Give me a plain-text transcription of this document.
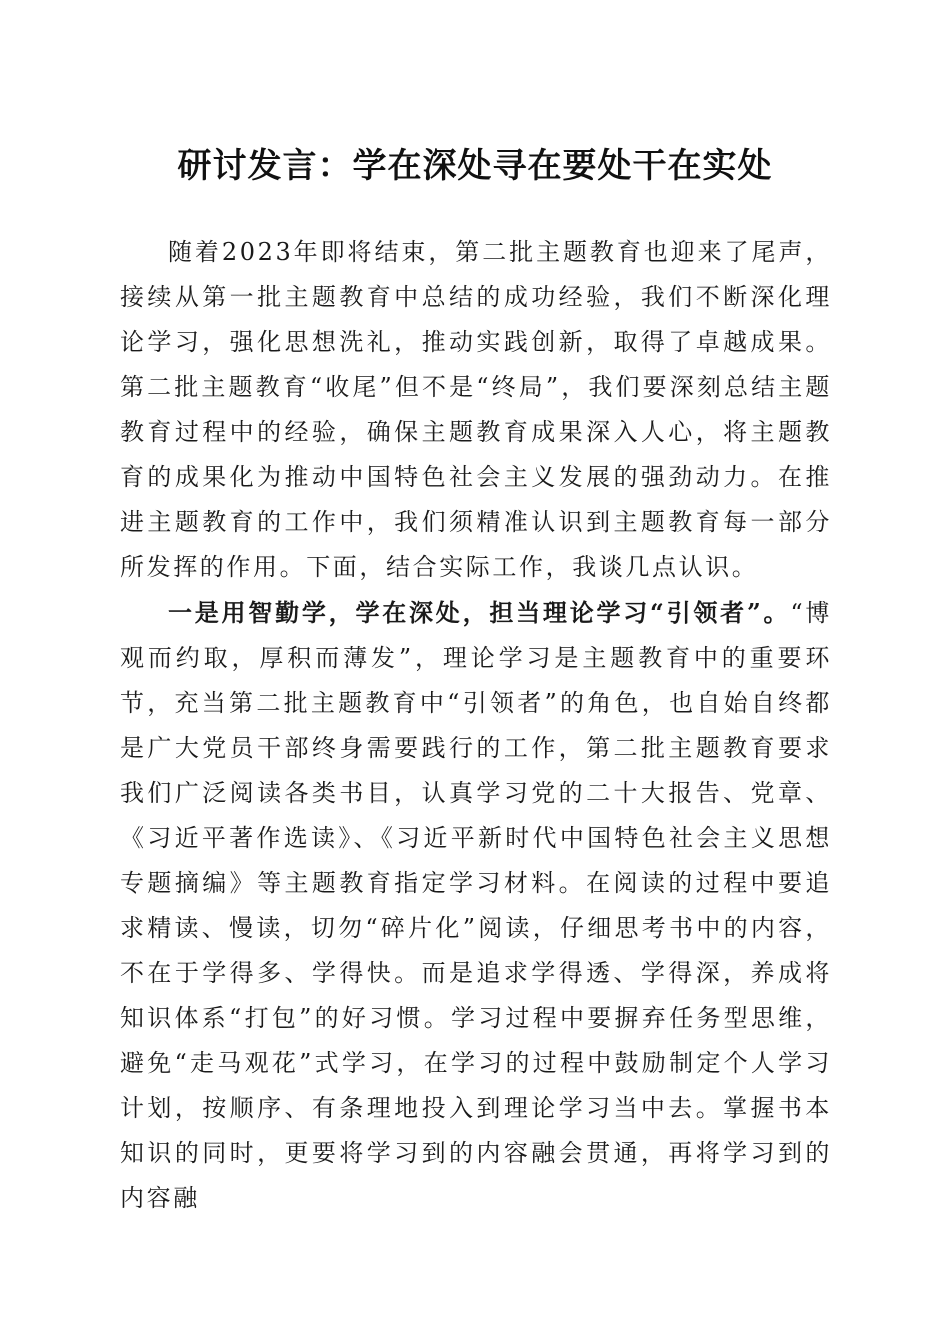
研讨发言：学在深处寻在要处干在实处

随着2023年即将结束，第二批主题教育也迎来了尾声，接续从第一批主题教育中总结的成功经验，我们不断深化理论学习，强化思想洗礼，推动实践创新，取得了卓越成果。第二批主题教育“收尾”但不是“终局”，我们要深刻总结主题教育过程中的经验，确保主题教育成果深入人心，将主题教育的成果化为推动中国特色社会主义发展的强劲动力。在推进主题教育的工作中，我们须精准认识到主题教育每一部分所发挥的作用。下面，结合实际工作，我谈几点认识。

一是用智勤学，学在深处，担当理论学习“引领者”。“博观而约取，厚积而薄发”，理论学习是主题教育中的重要环节，充当第二批主题教育中“引领者”的角色，也自始自终都是广大党员干部终身需要践行的工作，第二批主题教育要求我们广泛阅读各类书目，认真学习党的二十大报告、党章、《习近平著作选读》、《习近平新时代中国特色社会主义思想专题摘编》等主题教育指定学习材料。在阅读的过程中要追求精读、慢读，切勿“碎片化”阅读，仔细思考书中的内容，不在于学得多、学得快。而是追求学得透、学得深，养成将知识体系“打包”的好习惯。学习过程中要摒弃任务型思维，避免“走马观花”式学习，在学习的过程中鼓励制定个人学习计划，按顺序、有条理地投入到理论学习当中去。掌握书本知识的同时，更要将学习到的内容融会贯通，再将学习到的内容融
